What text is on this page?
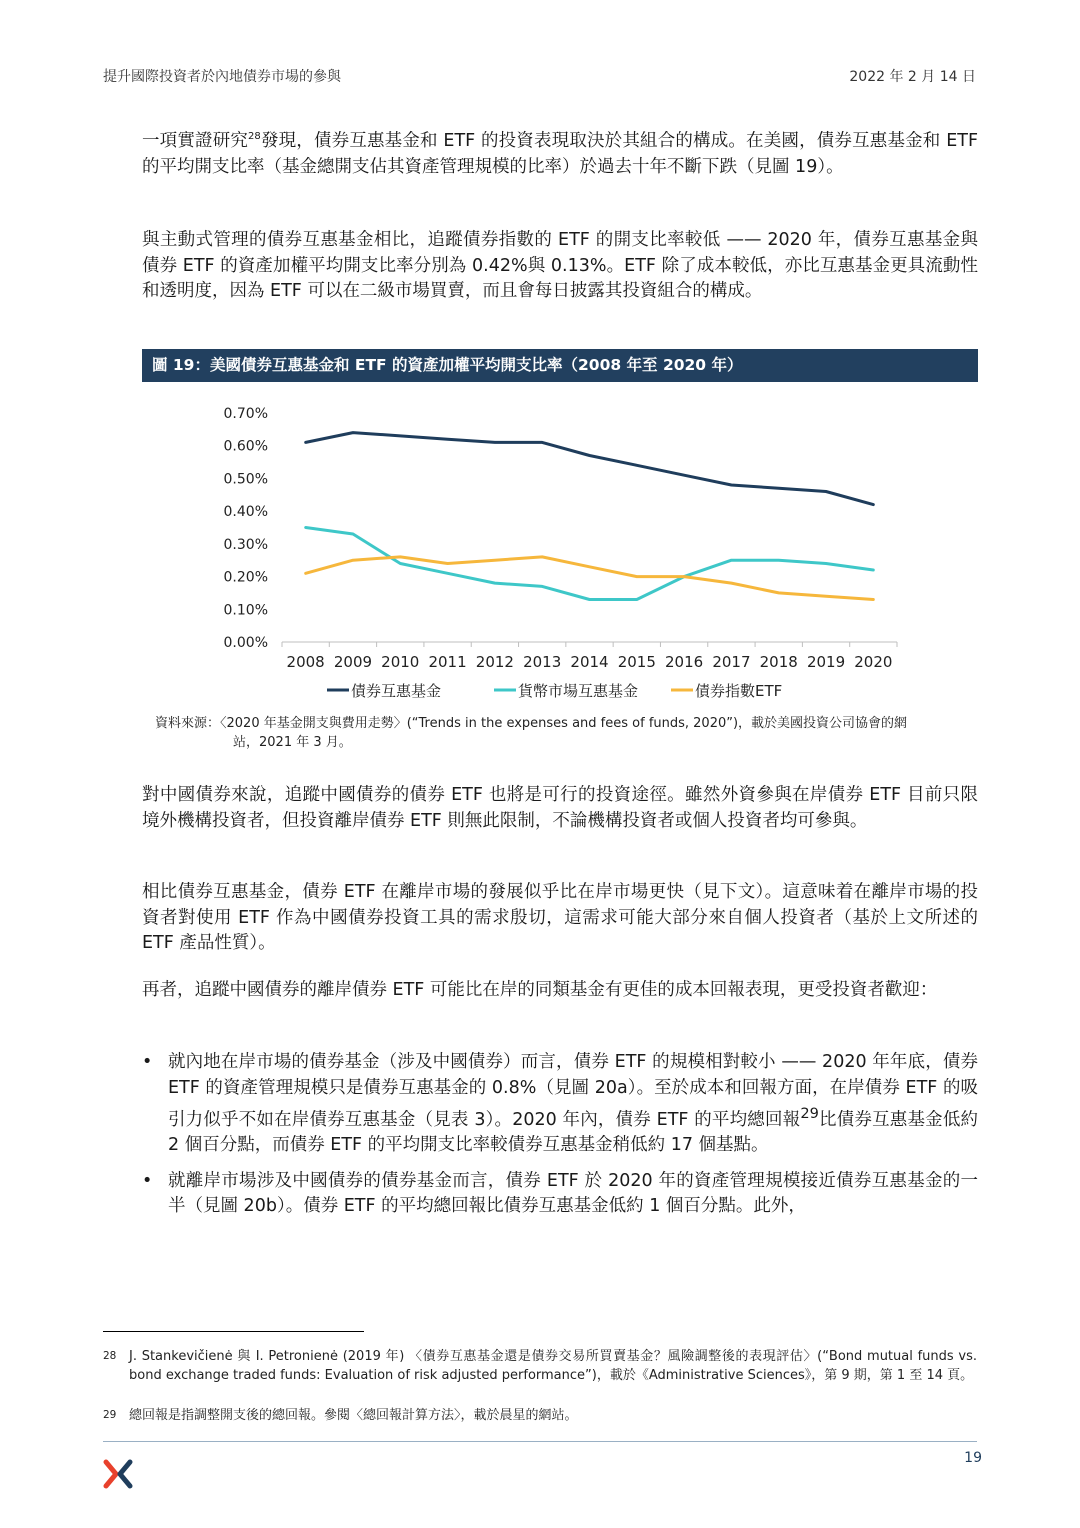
提升國際投資者於內地債券市場的參與	2022 年 2 月 14 日
一項實證研究$^{28}$發現，債券互惠基金和 ETF 的投資表現取決於其組合的構成。在美國，債券互惠基金和 ETF 的平均開支比率（基金總開支佔其資產管理規模的比率）於過去十年不斷下跌（見圖 19）。
與主動式管理的債券互惠基金相比，追蹤債券指數的 ETF 的開支比率較低 —— 2020 年，債券互惠基金與債券 ETF 的資產加權平均開支比率分別為 0.42%與 0.13%。ETF 除了成本較低，亦比互惠基金更具流動性和透明度，因為 ETF 可以在二級市場買賣，而且會每日披露其投資組合的構成。
圖 19：美國債券互惠基金和 ETF 的資產加權平均開支比率（2008 年至 2020 年）
0.00%
0.10%
0.20%
0.30%
0.40%
0.50%
0.60%
0.70%
2008 2009 2010 2011 2012 2013 2014 2015 2016 2017 2018 2019 2020
債券互惠基金	貨幣市場互惠基金	債券指數ETF
資料來源：〈2020 年基金開支與費用走勢〉(“Trends in the expenses and fees of funds, 2020”)，載於美國投資公司協會的網
站，2021 年 3 月。
對中國債券來說，追蹤中國債券的債券 ETF 也將是可行的投資途徑。雖然外資參與在岸債券 ETF 目前只限境外機構投資者，但投資離岸債券 ETF 則無此限制，不論機構投資者或個人投資者均可參與。
相比債券互惠基金，債券 ETF 在離岸市場的發展似乎比在岸市場更快（見下文）。這意味着在離岸市場的投資者對使用 ETF 作為中國債券投資工具的需求殷切，這需求可能大部分來自個人投資者（基於上文所述的 ETF 產品性質）。
再者，追蹤中國債券的離岸債券 ETF 可能比在岸的同類基金有更佳的成本回報表現，更受投資者歡迎：
• 就內地在岸市場的債券基金（涉及中國債券）而言，債券 ETF 的規模相對較小 —— 2020 年年底，債券 ETF 的資產管理規模只是債券互惠基金的 0.8%（見圖 20a）。至於成本和回報方面，在岸債券 ETF 的吸引力似乎不如在岸債券互惠基金（見表 3）。2020 年內，債券 ETF 的平均總回報$^{29}$比債券互惠基金低約 2 個百分點，而債券 ETF 的平均開支比率較債券互惠基金稍低約 17 個基點。
• 就離岸市場涉及中國債券的債券基金而言，債券 ETF 於 2020 年的資產管理規模接近債券互惠基金的一半（見圖 20b）。債券 ETF 的平均總回報比債券互惠基金低約 1 個百分點。此外，
28 J. Stankevičienė 與 I. Petronienė (2019 年) 〈債券互惠基金還是債券交易所買賣基金？風險調整後的表現評估〉(“Bond mutual funds vs. bond exchange traded funds: Evaluation of risk adjusted performance”)，載於《Administrative Sciences》，第 9 期，第 1 至 14 頁。
29 總回報是指調整開支後的總回報。參閱〈總回報計算方法〉，載於晨星的網站。
19
